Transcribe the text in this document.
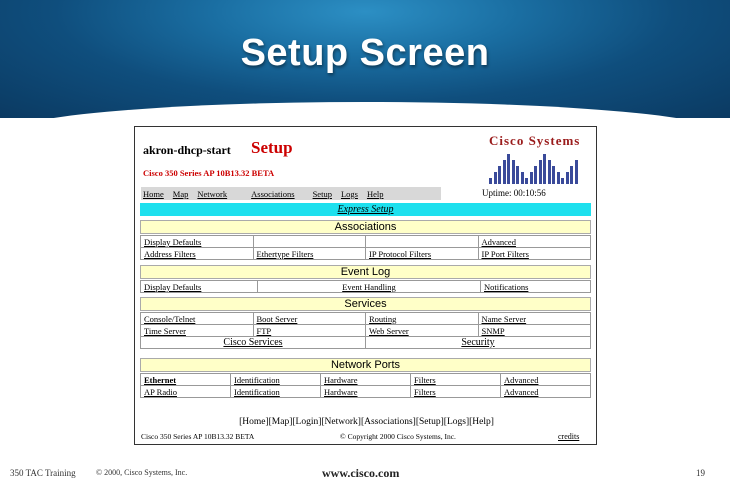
Setup Screen
akron-dhcp-start Setup
Cisco 350 Series AP 10B13.32 BETA
Cisco Systems
Home Map Network	Associations Setup Logs Help	Uptime: 00:10:56
Express Setup
Associations
Display Defaults			Advanced
Address Filters	Ethertype Filters	IP Protocol Filters	IP Port Filters
Event Log
Display Defaults	Event Handling	Notifications
Services
Console/Telnet	Boot Server	Routing	Name Server
Time Server	FTP	Web Server	SNMP
Cisco Services		Security	
Network Ports
Ethernet	Identification	Hardware	Filters	Advanced
AP Radio	Identification	Hardware	Filters	Advanced
[Home][Map][Login][Network][Associations][Setup][Logs][Help]
Cisco 350 Series AP 10B13.32 BETA	© Copyright 2000 Cisco Systems, Inc.	credits
350 TAC Training	© 2000, Cisco Systems, Inc.	www.cisco.com	19
